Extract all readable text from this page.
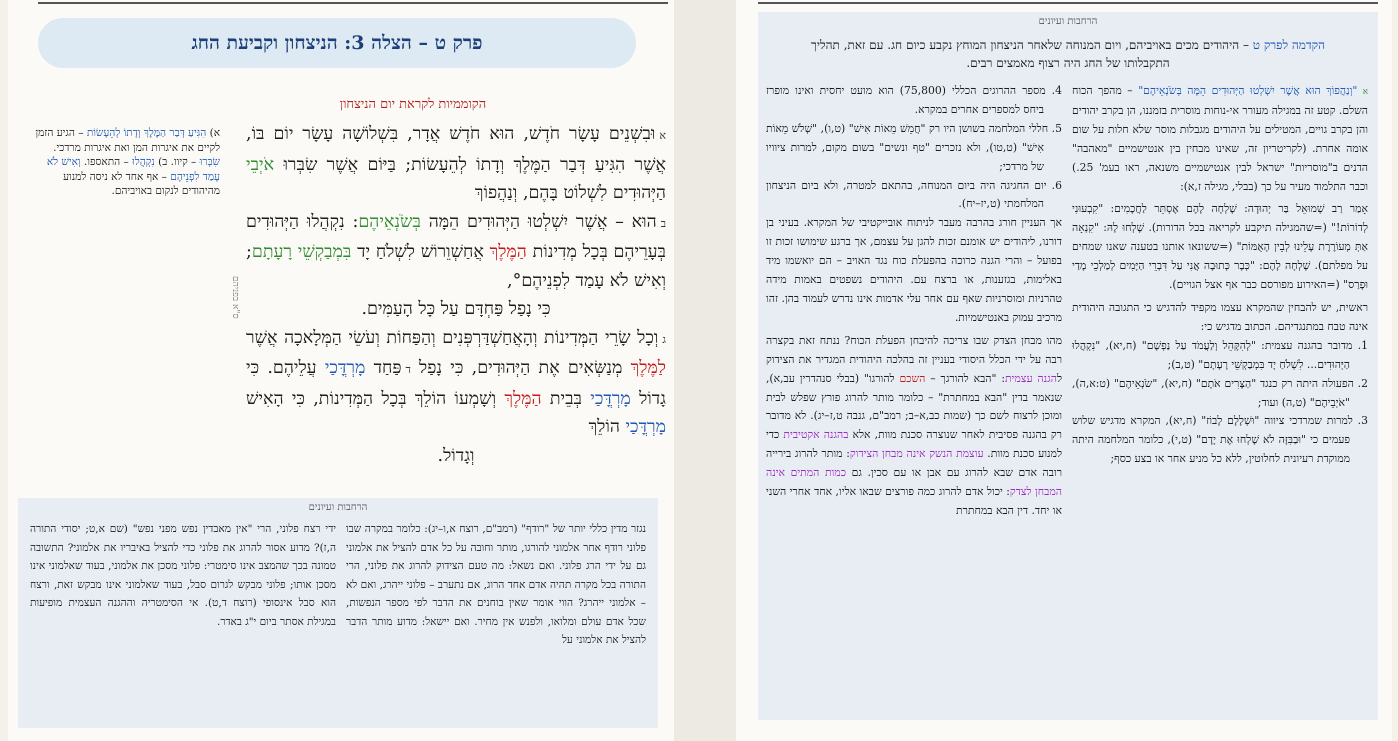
פרק ט – הצלה 3: הניצחון וקביעת החג
הקוממיות לקראת יום הניצחון

אוּבִשְׁנֵים עָשָׂר חֹדֶשׁ, הוּא חֹדֶשׁ אֲדָר, בִּשְׁלוֹשָׁה עָשָׂר יוֹם בּוֹ, אֲשֶׁר הִגִּיעַ דְּבַר הַמֶּלֶךְ וְדָתוֹ לְהֵעָשׂוֹת; בַּיּוֹם אֲשֶׁר שִׂבְּרוּ אֹיְבֵי הַיְּהוּדִים לִשְׁלוֹט בָּהֶם, וְנַהֲפוֹךְ

בהוּא – אֲשֶׁר יִשְׁלְטוּ הַיְּהוּדִים הֵמָּה בְּשֹׂנְאֵיהֶם: נִקְהֲלוּ הַיְּהוּדִים בְּעָרֵיהֶם בְּכָל מְדִינוֹת הַמֶּלֶךְ אֲחַשְׁוֵרוֹשׁ לִשְׁלֹחַ יָד בִּמְבַקְשֵׁי רָעָתָם; וְאִישׁ לֹא עָמַד לִפְנֵיהֶם°,
כִּי נָפַל פַּחְדָּם עַל כָּל הָעַמִּים.

גוְכָל שָׂרֵי הַמְּדִינוֹת וְהָאֲחַשְׁדַּרְפְּנִים וְהַפַּחוֹת וְעֹשֵׂי הַמְּלָאכָה אֲשֶׁר לַמֶּלֶךְ מְנַשְּׂאִים אֶת הַיְּהוּדִים, כִּי נָפַל דפַּחַד מָרְדֳּכַי עֲלֵיהֶם. כִּי גָדוֹל מָרְדֳּכַי בְּבֵית הַמֶּלֶךְ וְשָׁמְעוֹ הוֹלֵךְ בְּכָל הַמְּדִינוֹת, כִּי הָאִישׁ מָרְדֳּכַי הוֹלֵךְ
וְגָדוֹל.

ס"א בפניהם
א) הִגִּיעַ דְּבַר הַמֶּלֶךְ וְדָתוֹ לְהֵעָשׂוֹת – הגיע הזמן לקיים את איגרות המן ואת איגרות מרדכי. שִׂבְּרוּ – קיוו. ב) נִקְהֲלוּ – התאספו. וְאִישׁ לֹא עָמַד לִפְנֵיהֶם – אף אחד לא ניסה למנוע מהיהודים לנקום באויביהם.
הרחבות ועיונים
נגזר מדין כללי יותר של "רודף" (רמב"ם, רוצח א,ו–יג): כלומר במקרה שבו פלוני רודף אחר אלמוני להורגו, מותר וחובה על כל אדם להציל את אלמוני גם על ידי הרג פלוני. ואם נשאל: מה טעם הצידוק להרוג את פלוני, הרי התורה בכל מקרה תהיה אדם אחד הרוג, אם נתערב – פלוני ייהרג, ואם לא – אלמוני ייהרג? הווי אומר שאין בוחנים את הדבר לפי מספר הנפשות, שכל אדם עולם ומלואו, ולפנש אין מחיר. ואם יישאל: מדוע מותר הדבר להציל את אלמוני על
ידי רצח פלוני, הרי "אין מאבדין נפש מפני נפש" (שם א,ט; יסודי התורה ה,ז)? מדוע אסור להרוג את פלוני כדי להציל באיבריו את אלמוני? התשובה טמונה בכך שהמצב אינו סימטרי: פלוני מסכן את אלמוני, בעוד שאלמוני אינו מסכן אותו; פלוני מבקש לגרום סבל, בעוד שאלמוני אינו מבקש זאת, ורצח הוא סבל אינסופי (רוצח ד,ט). אי הסימטריה וההגנה העצמית מופיעות במגילת אסתר ביום י"ג באדר.
הרחבות ועיונים
הקדמה לפרק ט – היהודים מכים באויביהם, ויום המנוחה שלאחר הניצחון המוחץ נקבע כיום חג. עם זאת, תהליך התקבלותו של החג היה רצוף מאמצים רבים.
א "וְנַהֲפוֹךְ הוּא אֲשֶׁר יִשְׁלְטוּ הַיְּהוּדִים הֵמָּה בְּשֹׂנְאֵיהֶם" – מהפך הכוח השלם. קטע זה במגילה מעורר אי-נוחות מוסרית בזמננו, הן בקרב יהודים והן בקרב גויים, המטילים על היהודים מגבלות מוסר שלא חלות על שום אומה אחרת. (לקריטריון זה, שאינו מבחין בין אנטישמיים "מאהבה" הדנים ב"מוסריות" ישראל לבין אנטישמיים משנאה, ראו בעמ' 25.) וכבר התלמוד מעיר על כך (בבלי, מגילה ז,א):
אָמַר רַב שְׁמוּאֵל בַּר יְהוּדָה: שָׁלְחָה לָהֶם אֶסְתֵּר לַחֲכָמִים: "קִבְעוּנִי לְדוֹרוֹת!" (=שהמגילה תיקבע לקריאה בכל הדורות). שָׁלְחוּ לָהּ: "קִנְאָה אַתְּ מְעוֹרֶרֶת עָלֵינוּ לְבֵין הָאֻמּוֹת" (=ששונאו אותנו בטענה שאנו שמחים על מפלתם). שָׁלְחָה לָהֶם: "כְּבָר כְּתוּבָה אֲנִי עַל דִּבְרֵי הַיָּמִים לְמַלְכֵי מָדַי וּפָרַס" (=האירוע מפורסם כבר אף אצל הגויים).
ראשית, יש להבחין שהמקרא עצמו מקפיד להדגיש כי התגובה היהודית אינה טבח במתנגדיהם. הכתוב מדגיש כי:
1. מדובר בהגנה עצמית: "לְהִקָּהֵל וְלַעֲמֹד עַל נַפְשָׁם" (ח,יא), "נִקְהֲלוּ הַיְּהוּדִים... לִשְׁלֹחַ יָד בִּמְבַקְשֵׁי רָעָתָם" (ט,ב);
2. הפעולה היתה רק כנגד "הַצָּרִים אֹתָם" (ח,יא), "שֹׂנְאֵיהֶם" (ט:א,ה), "אֹיְבֵיהֶם" (ט,ה) ועוד;
3. למרות שמרדכי ציווה "וּשְׁלָלָם לָבוֹז" (ח,יא), המקרא מדגיש שלוש פעמים כי "וּבַבִּזָּה לֹא שָׁלְחוּ אֶת יָדָם" (ט,י), כלומר המלחמה היתה ממוקדת רעיונית לחלוטין, ללא כל מניע אחר או בצע כסף;
4. מספר ההרוגים הכללי (75,800) הוא מועט יחסית ואינו מופרז ביחס למספרים אחרים במקרא.
5. חללי המלחמה בשושן היו רק "חֲמֵשׁ מֵאוֹת אִישׁ" (ט,ו), "שְׁלֹשׁ מֵאוֹת אִישׁ" (ט,טו), ולא נזכרים "טף ונשים" בשום מקום, למרות ציוויו של מרדכי;
6. יום החגיגה היה ביום המנוחה, בהתאם למטרה, ולא ביום הניצחון המלחמתי (ט,יז–יח).
אך העניין חורג בהרבה מעבר לניתוח אובייקטיבי של המקרא. בעיני בן דורנו, ליהודים יש אומנם זכות להגן על עצמם, אך ברגע שימושו זכות זו בפועל – והרי הגנה כרוכה בהפעלת כוח נגד האויב – הם יואשמו מיד באלימות, בגזענות, או ברצח עם. היהודים נשפטים באמות מידה טהרניות ומוסרניות שאף עם אחר עלי אדמות אינו נדרש לעמוד בהן. זהו מרכיב עמוק באנטישמיות.
מהו מבחן הצדק שבו צריכה להיבחן הפעלת הכוח? ננתח זאת בקצרה רבה על ידי הכלל היסודי בעניין זה בהלכה היהודית המגדיר את הצידוק להגנה עצמית: "הבא להורגך – השכם להורגו" (בבלי סנהדרין עב,א), שנאמר בדין "הבא במחתרת" – כלומר מותר להרוג פורץ שפלש לבית ומוכן לרצוח לשם כך (שמות כב,א–ב; רמב"ם, גנבה ט,ז–יג). לא מדובר רק בהגנה פסיבית לאחר שנוצרה סכנת מוות, אלא בהגנה אקטיבית כדי למנוע סכנת מוות. עוצמת הנשק אינה מבחן הצידוק: מותר להרוג בירייה רובה אדם שבא להרוג עם אבן או עם סכין. גם כמות המתים אינה המבחן לצדק: יכול אדם להרוג כמה פורצים שבאו אליו, אחד אחרי השני או יחד. דין הבא במחתרת
